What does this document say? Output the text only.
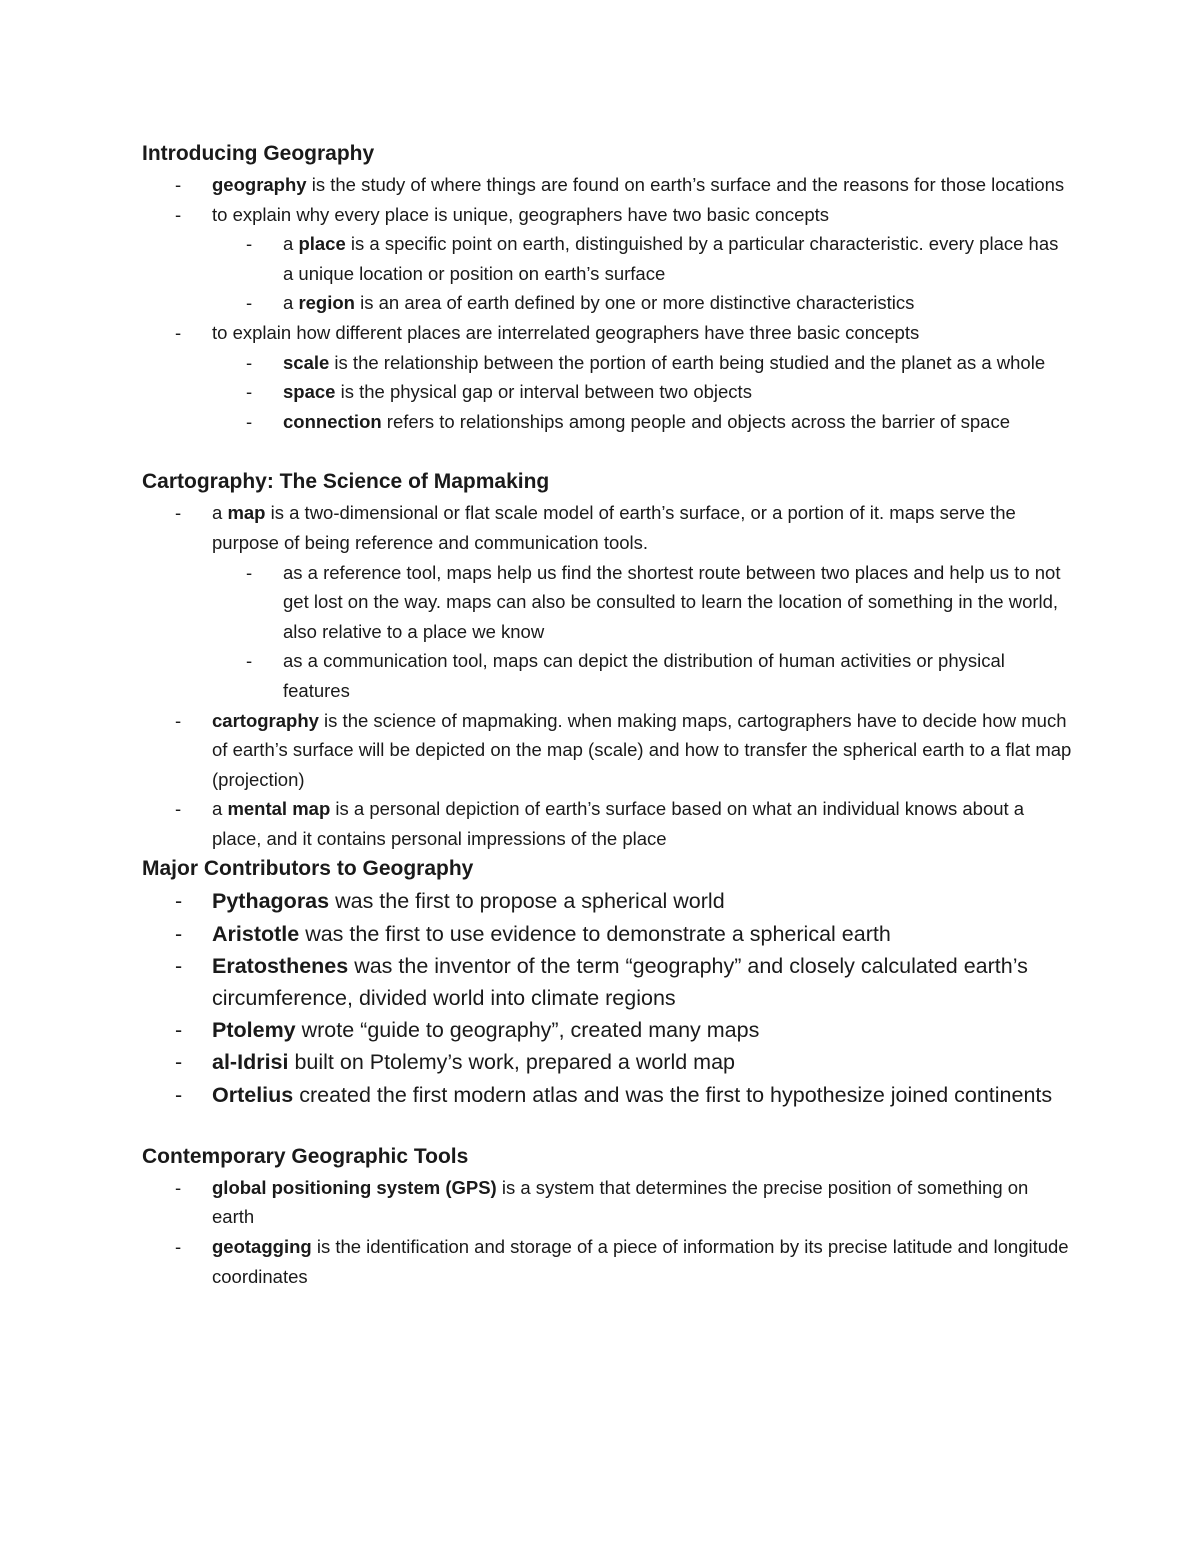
Introducing Geography
- geography is the study of where things are found on earth’s surface and the reasons for those locations
- to explain why every place is unique, geographers have two basic concepts
- a place is a specific point on earth, distinguished by a particular characteristic. every place has a unique location or position on earth’s surface
- a region is an area of earth defined by one or more distinctive characteristics
- to explain how different places are interrelated geographers have three basic concepts
- scale is the relationship between the portion of earth being studied and the planet as a whole
- space is the physical gap or interval between two objects
- connection refers to relationships among people and objects across the barrier of space
Cartography: The Science of Mapmaking
- a map is a two-dimensional or flat scale model of earth’s surface, or a portion of it. maps serve the purpose of being reference and communication tools.
- as a reference tool, maps help us find the shortest route between two places and help us to not get lost on the way. maps can also be consulted to learn the location of something in the world, also relative to a place we know
- as a communication tool, maps can depict the distribution of human activities or physical features
- cartography is the science of mapmaking. when making maps, cartographers have to decide how much of earth’s surface will be depicted on the map (scale) and how to transfer the spherical earth to a flat map (projection)
- a mental map is a personal depiction of earth’s surface based on what an individual knows about a place, and it contains personal impressions of the place
Major Contributors to Geography
- Pythagoras was the first to propose a spherical world
- Aristotle was the first to use evidence to demonstrate a spherical earth
- Eratosthenes was the inventor of the term “geography” and closely calculated earth’s circumference, divided world into climate regions
- Ptolemy wrote “guide to geography”, created many maps
- al-Idrisi built on Ptolemy’s work, prepared a world map
- Ortelius created the first modern atlas and was the first to hypothesize joined continents
Contemporary Geographic Tools
- global positioning system (GPS) is a system that determines the precise position of something on earth
- geotagging is the identification and storage of a piece of information by its precise latitude and longitude coordinates
